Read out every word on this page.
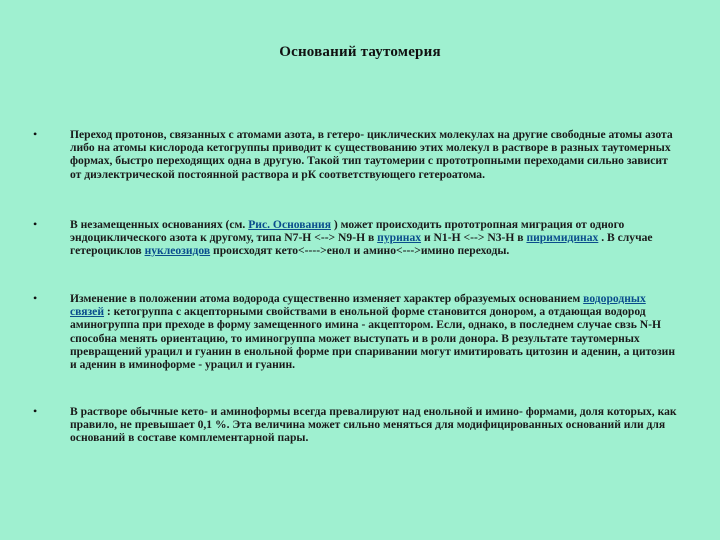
Оснований таутомерия
•	Переход протонов, связанных с атомами азота, в гетеро- циклических молекулах на другие свободные атомы азота либо на атомы кислорода кетогруппы приводит к существованию этих молекул в растворе в разных таутомерных формах, быстро переходящих одна в другую. Такой тип таутомерии с прототропными переходами сильно зависит от диэлектрической постоянной раствора и рК соответствующего гетероатома.
•	В незамещенных основаниях (см. Рис. Основания ) может происходить прототропная миграция от одного эндоциклического азота к другому, типа N7-H <--> N9-H в пуринах и N1-H <--> N3-H в пиримидинах . В случае гетероциклов нуклеозидов происходят кето<---->енол и амино<--->имино переходы.
•	Изменение в положении атома водорода существенно изменяет характер образуемых основанием водородных связей : кетогруппа с акцепторными свойствами в енольной форме становится донором, а отдающая водород аминогруппа при преходе в форму замещенного имина - акцептором. Если, однако, в последнем случае свзь N-H способна менять ориентацию, то иминогруппа может выступать и в роли донора. В результате таутомерных превращений урацил и гуанин в енольной форме при спаривании могут имитировать цитозин и аденин, а цитозин и аденин в иминоформе - урацил и гуанин.
•	В растворе обычные кето- и аминоформы всегда превалируют над енольной и имино- формами, доля которых, как правило, не превышает 0,1 %. Эта величина может сильно меняться для модифицированных оснований или для оснований в составе комплементарной пары.
